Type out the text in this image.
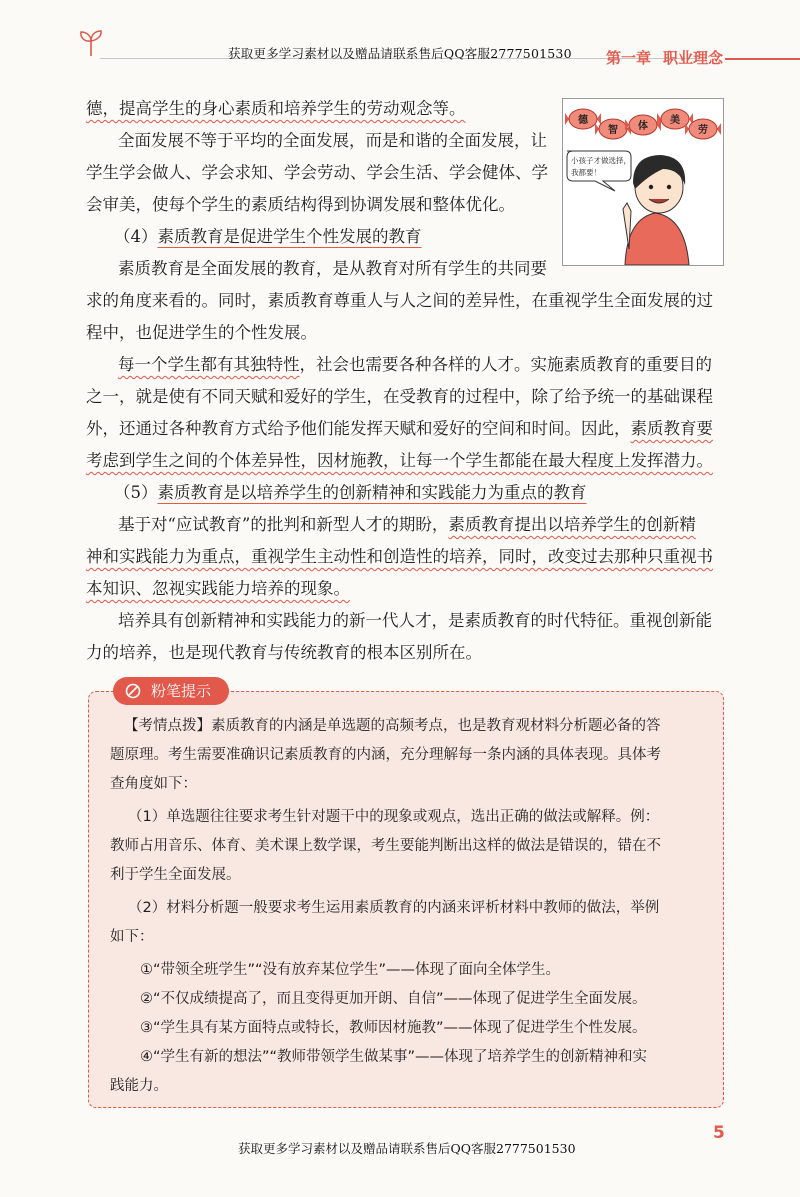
获取更多学习素材以及赠品请联系售后QQ客服2777501530 第一章 职业理念
德，提高学生的身心素质和培养学生的劳动观念等。
全面发展不等于平均的全面发展，而是和谐的全面发展，让
学生学会做人、学会求知、学会劳动、学会生活、学会健体、学
会审美，使每个学生的素质结构得到协调发展和整体优化。
（4）素质教育是促进学生个性发展的教育
素质教育是全面发展的教育，是从教育对所有学生的共同要
求的角度来看的。同时，素质教育尊重人与人之间的差异性，在重视学生全面发展的过
程中，也促进学生的个性发展。
每一个学生都有其独特性，社会也需要各种各样的人才。实施素质教育的重要目的
之一，就是使有不同天赋和爱好的学生，在受教育的过程中，除了给予统一的基础课程
外，还通过各种教育方式给予他们能发挥天赋和爱好的空间和时间。因此，素质教育要
考虑到学生之间的个体差异性，因材施教，让每一个学生都能在最大程度上发挥潜力。
（5）素质教育是以培养学生的创新精神和实践能力为重点的教育
基于对“应试教育”的批判和新型人才的期盼，素质教育提出以培养学生的创新精
神和实践能力为重点，重视学生主动性和创造性的培养，同时，改变过去那种只重视书
本知识、忽视实践能力培养的现象。
培养具有创新精神和实践能力的新一代人才，是素质教育的时代特征。重视创新能
力的培养，也是现代教育与传统教育的根本区别所在。
德
智 体
美
劳
小孩子才做选择，
我都要！
粉笔提示
【考情点拨】素质教育的内涵是单选题的高频考点，也是教育观材料分析题必备的答
题原理。考生需要准确识记素质教育的内涵，充分理解每一条内涵的具体表现。具体考
查角度如下：
（1）单选题往往要求考生针对题干中的现象或观点，选出正确的做法或解释。例：
教师占用音乐、体育、美术课上数学课，考生要能判断出这样的做法是错误的，错在不
利于学生全面发展。
（2）材料分析题一般要求考生运用素质教育的内涵来评析材料中教师的做法，举例
如下：
①“带领全班学生”“没有放弃某位学生”——体现了面向全体学生。
②“不仅成绩提高了，而且变得更加开朗、自信”——体现了促进学生全面发展。
③“学生具有某方面特点或特长，教师因材施教”——体现了促进学生个性发展。
④“学生有新的想法”“教师带领学生做某事”——体现了培养学生的创新精神和实
践能力。
5
获取更多学习素材以及赠品请联系售后QQ客服2777501530
